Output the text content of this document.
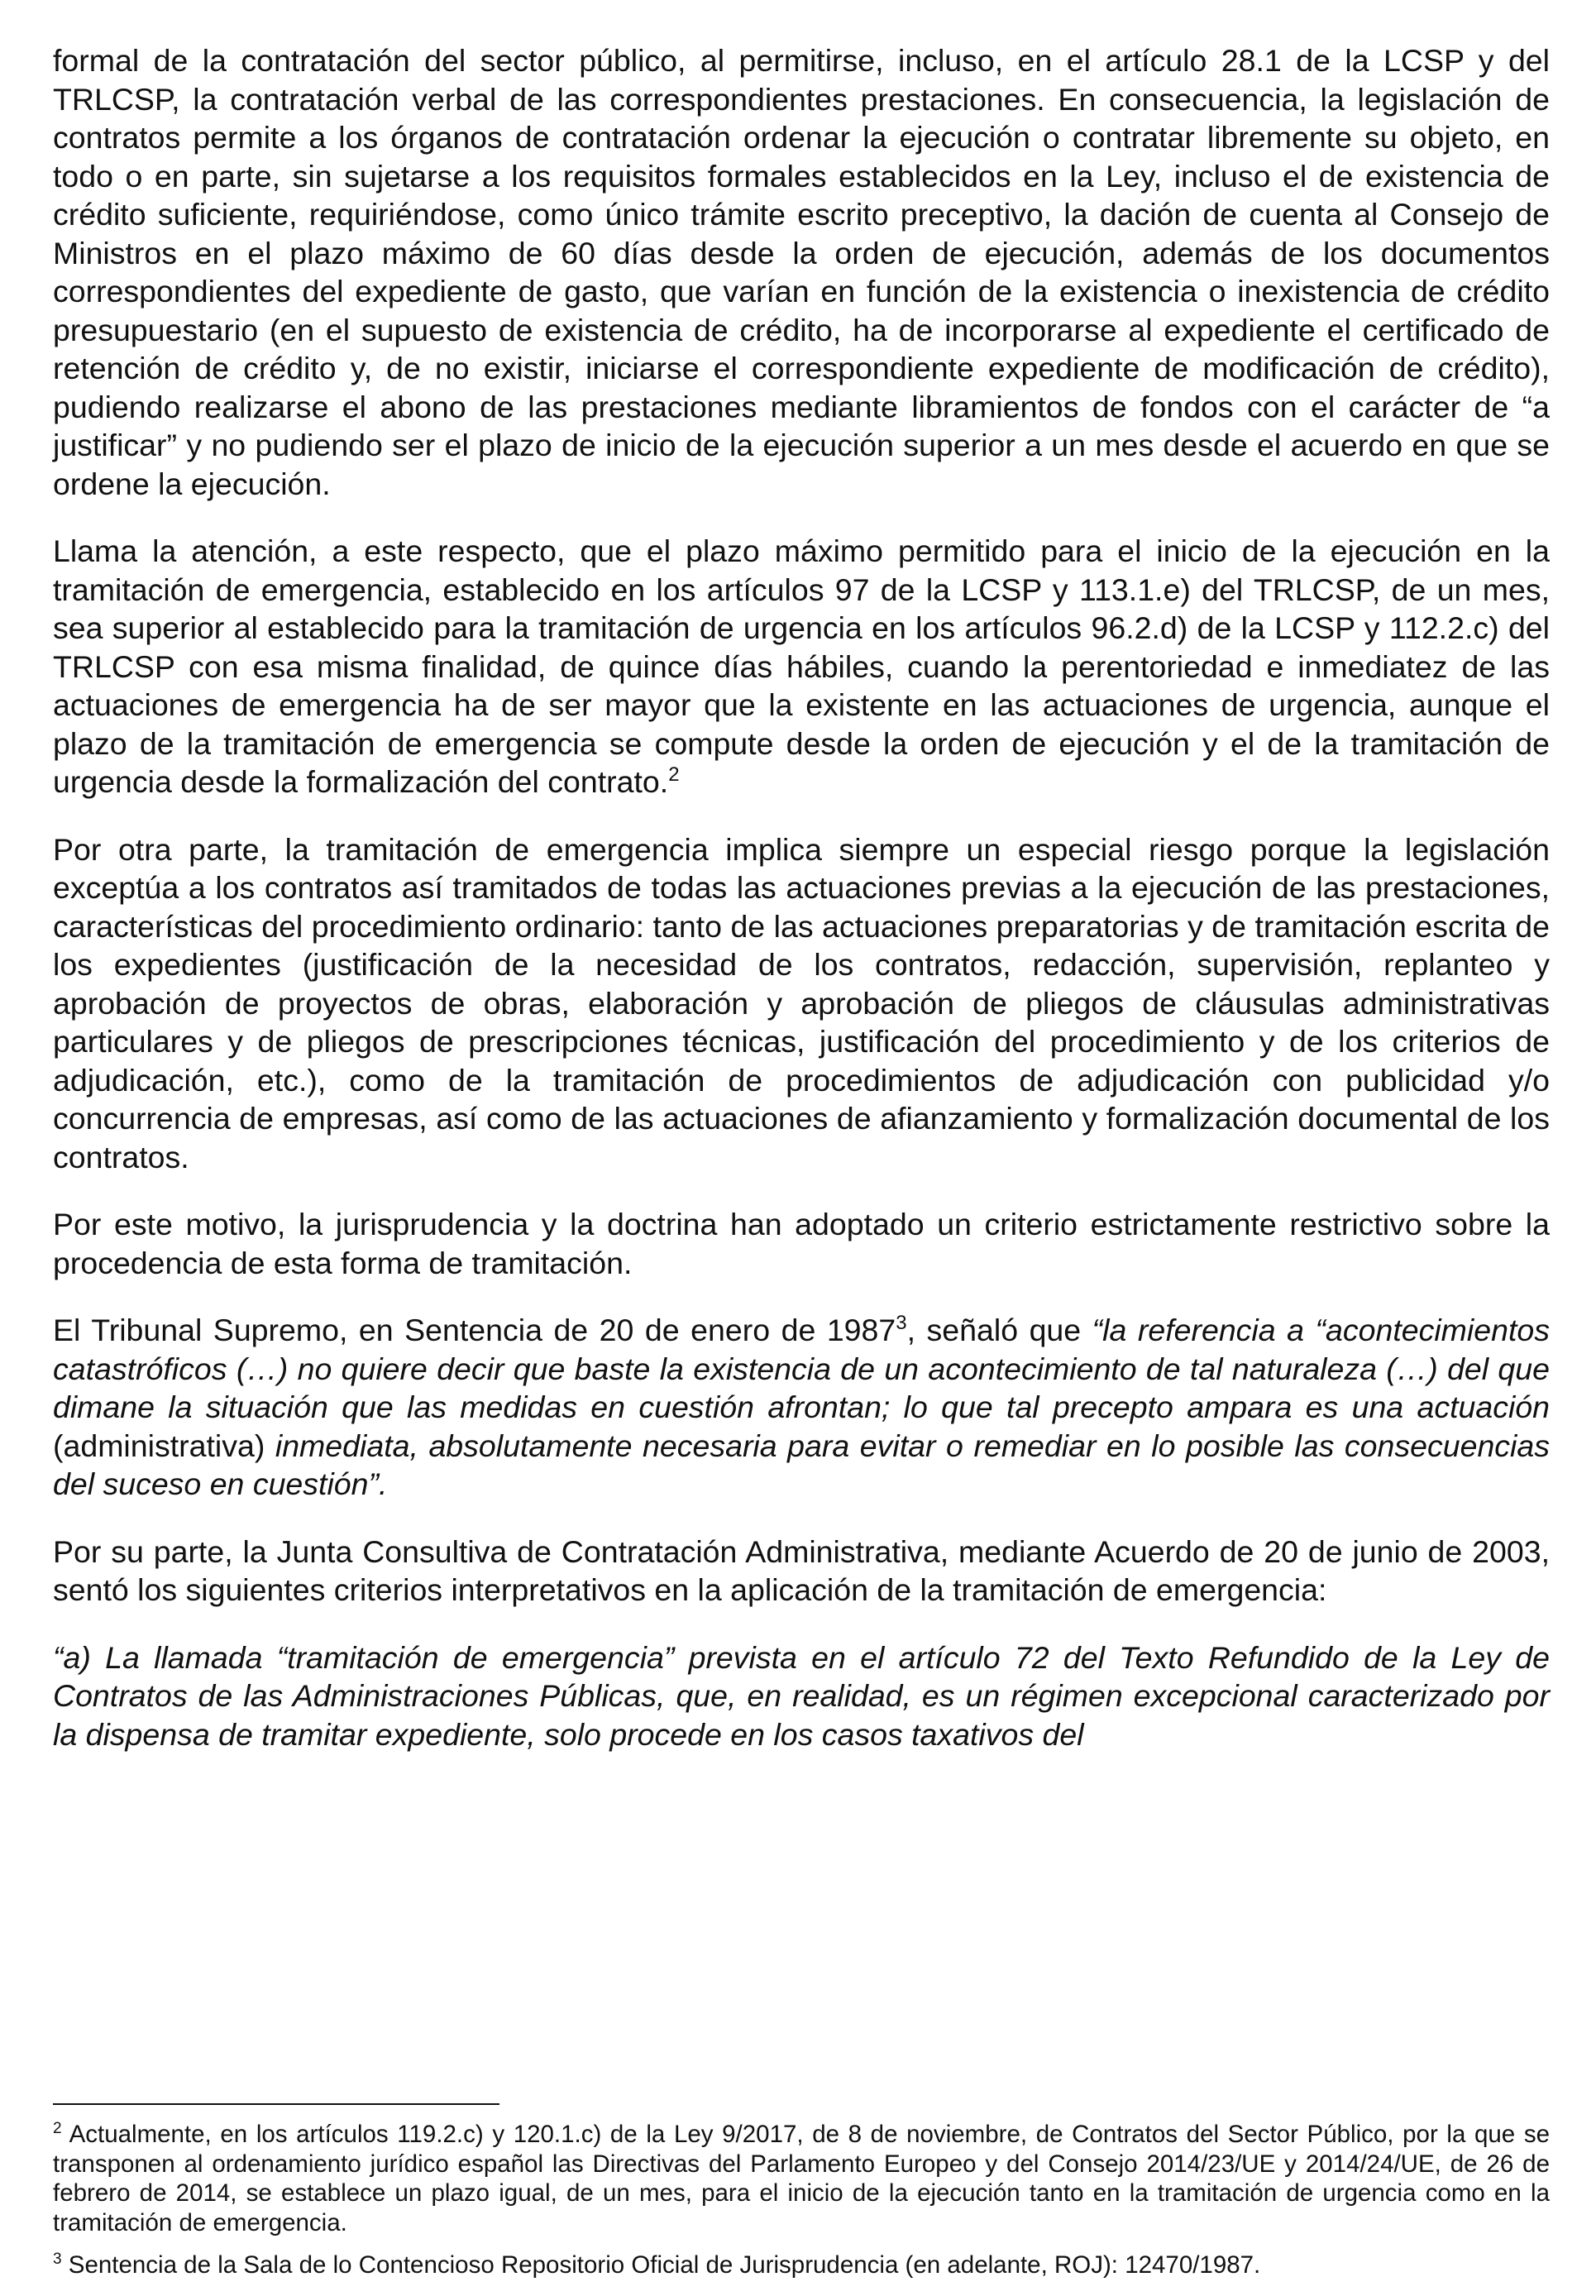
formal de la contratación del sector público, al permitirse, incluso, en el artículo 28.1 de la LCSP y del TRLCSP, la contratación verbal de las correspondientes prestaciones. En consecuencia, la legislación de contratos permite a los órganos de contratación ordenar la ejecución o contratar libremente su objeto, en todo o en parte, sin sujetarse a los requisitos formales establecidos en la Ley, incluso el de existencia de crédito suficiente, requiriéndose, como único trámite escrito preceptivo, la dación de cuenta al Consejo de Ministros en el plazo máximo de 60 días desde la orden de ejecución, además de los documentos correspondientes del expediente de gasto, que varían en función de la existencia o inexistencia de crédito presupuestario (en el supuesto de existencia de crédito, ha de incorporarse al expediente el certificado de retención de crédito y, de no existir, iniciarse el correspondiente expediente de modificación de crédito), pudiendo realizarse el abono de las prestaciones mediante libramientos de fondos con el carácter de “a justificar” y no pudiendo ser el plazo de inicio de la ejecución superior a un mes desde el acuerdo en que se ordene la ejecución.

Llama la atención, a este respecto, que el plazo máximo permitido para el inicio de la ejecución en la tramitación de emergencia, establecido en los artículos 97 de la LCSP y 113.1.e) del TRLCSP, de un mes, sea superior al establecido para la tramitación de urgencia en los artículos 96.2.d) de la LCSP y 112.2.c) del TRLCSP con esa misma finalidad, de quince días hábiles, cuando la perentoriedad e inmediatez de las actuaciones de emergencia ha de ser mayor que la existente en las actuaciones de urgencia, aunque el plazo de la tramitación de emergencia se compute desde la orden de ejecución y el de la tramitación de urgencia desde la formalización del contrato.$^2$

Por otra parte, la tramitación de emergencia implica siempre un especial riesgo porque la legislación exceptúa a los contratos así tramitados de todas las actuaciones previas a la ejecución de las prestaciones, características del procedimiento ordinario: tanto de las actuaciones preparatorias y de tramitación escrita de los expedientes (justificación de la necesidad de los contratos, redacción, supervisión, replanteo y aprobación de proyectos de obras, elaboración y aprobación de pliegos de cláusulas administrativas particulares y de pliegos de prescripciones técnicas, justificación del procedimiento y de los criterios de adjudicación, etc.), como de la tramitación de procedimientos de adjudicación con publicidad y/o concurrencia de empresas, así como de las actuaciones de afianzamiento y formalización documental de los contratos.

Por este motivo, la jurisprudencia y la doctrina han adoptado un criterio estrictamente restrictivo sobre la procedencia de esta forma de tramitación.

El Tribunal Supremo, en Sentencia de 20 de enero de 1987$^3$, señaló que “la referencia a “acontecimientos catastróficos (…) no quiere decir que baste la existencia de un acontecimiento de tal naturaleza (…) del que dimane la situación que las medidas en cuestión afrontan; lo que tal precepto ampara es una actuación (administrativa) inmediata, absolutamente necesaria para evitar o remediar en lo posible las consecuencias del suceso en cuestión”.

Por su parte, la Junta Consultiva de Contratación Administrativa, mediante Acuerdo de 20 de junio de 2003, sentó los siguientes criterios interpretativos en la aplicación de la tramitación de emergencia:

“a) La llamada “tramitación de emergencia” prevista en el artículo 72 del Texto Refundido de la Ley de Contratos de las Administraciones Públicas, que, en realidad, es un régimen excepcional caracterizado por la dispensa de tramitar expediente, solo procede en los casos taxativos del

$^2$ Actualmente, en los artículos 119.2.c) y 120.1.c) de la Ley 9/2017, de 8 de noviembre, de Contratos del Sector Público, por la que se transponen al ordenamiento jurídico español las Directivas del Parlamento Europeo y del Consejo 2014/23/UE y 2014/24/UE, de 26 de febrero de 2014, se establece un plazo igual, de un mes, para el inicio de la ejecución tanto en la tramitación de urgencia como en la tramitación de emergencia.

$^3$ Sentencia de la Sala de lo Contencioso Repositorio Oficial de Jurisprudencia (en adelante, ROJ): 12470/1987.
